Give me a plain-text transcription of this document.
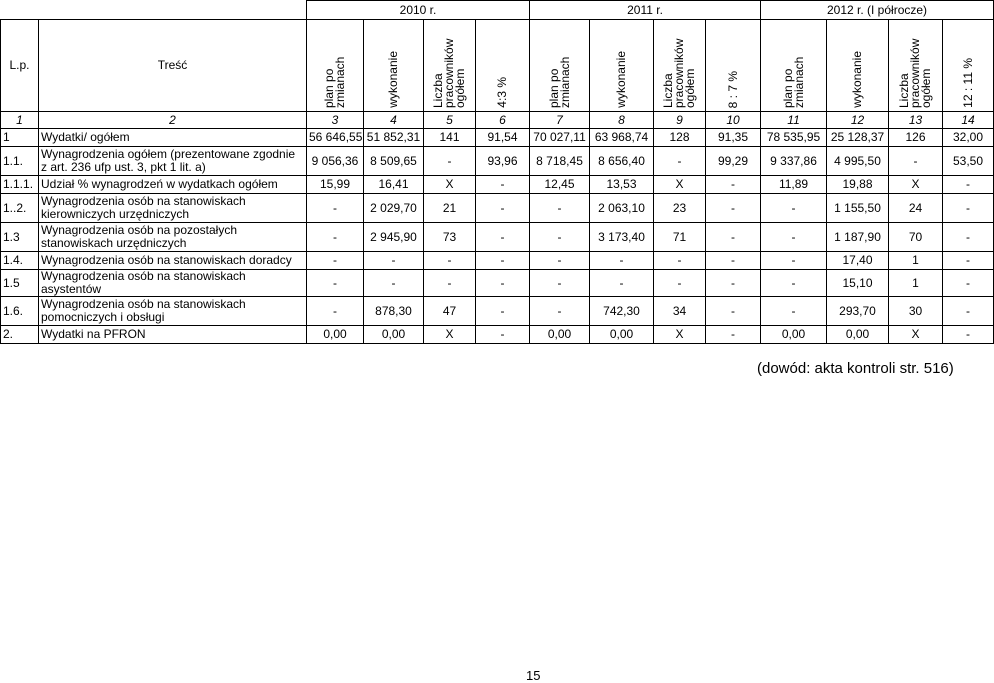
		2010 r.				2011 r.				2012 r. (I półrocze)			
L.p.	Treść	plan po zmianach	wykonanie	Liczba pracowników ogółem	4:3 %	plan po zmianach	wykonanie	Liczba pracowników ogółem	8 : 7 %	plan po zmianach	wykonanie	Liczba pracowników ogółem	12 : 11 %
1	2	3	4	5	6	7	8	9	10	11	12	13	14
1	Wydatki/ ogółem	56 646,55	51 852,31	141	91,54	70 027,11	63 968,74	128	91,35	78 535,95	25 128,37	126	32,00
1.1.	Wynagrodzenia ogółem (prezentowane zgodnie z art. 236 ufp ust. 3, pkt 1 lit. a)	9 056,36	8 509,65	-	93,96	8 718,45	8 656,40	-	99,29	9 337,86	4 995,50	-	53,50
1.1.1.	Udział % wynagrodzeń w wydatkach ogółem	15,99	16,41	X	-	12,45	13,53	X	-	11,89	19,88	X	-
1..2.	Wynagrodzenia osób na stanowiskach kierowniczych urzędniczych	-	2 029,70	21	-	-	2 063,10	23	-	-	1 155,50	24	-
1.3	Wynagrodzenia osób na pozostałych stanowiskach urzędniczych	-	2 945,90	73	-	-	3 173,40	71	-	-	1 187,90	70	-
1.4.	Wynagrodzenia osób na stanowiskach doradcy	-	-	-	-	-	-	-	-	-	17,40	1	-
1.5	Wynagrodzenia osób na stanowiskach asystentów	-	-	-	-	-	-	-	-	-	15,10	1	-
1.6.	Wynagrodzenia osób na stanowiskach pomocniczych i obsługi	-	878,30	47	-	-	742,30	34	-	-	293,70	30	-
2.	Wydatki na PFRON	0,00	0,00	X	-	0,00	0,00	X	-	0,00	0,00	X	-
(dowód: akta kontroli str. 516)
15
